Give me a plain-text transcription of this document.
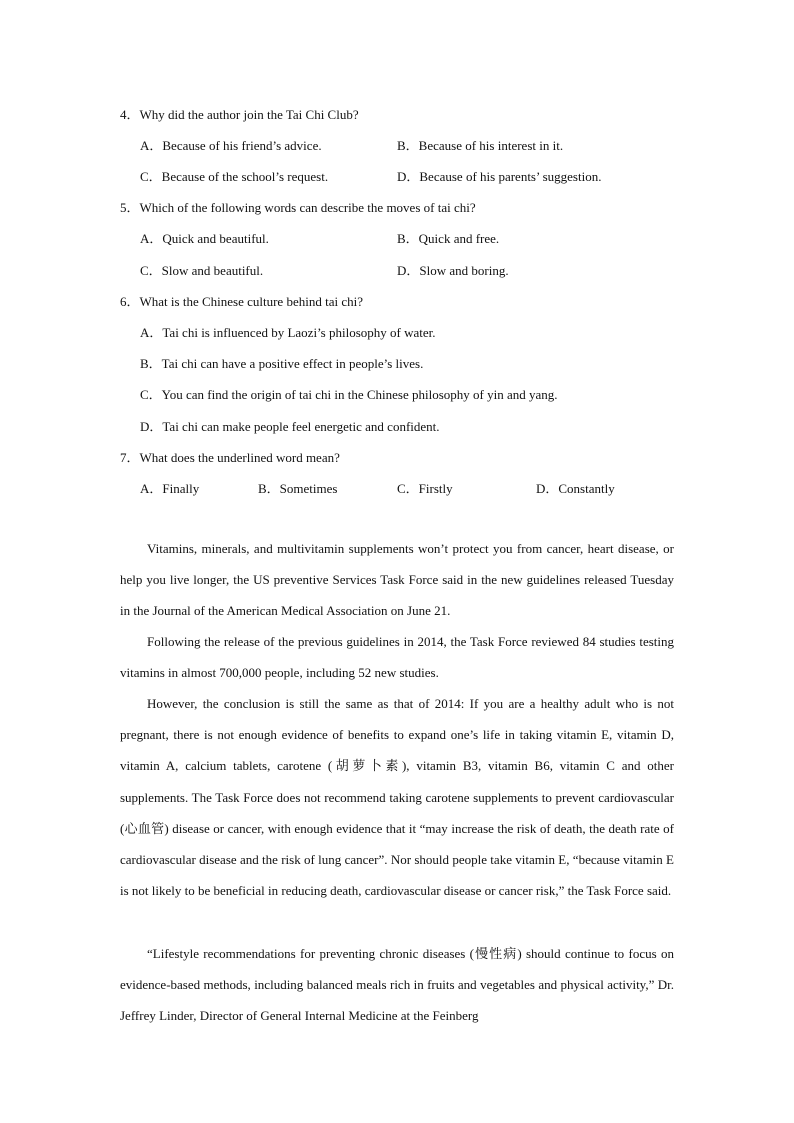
4．Why did the author join the Tai Chi Club?
A．Because of his friend’s advice.	B．Because of his interest in it.
C．Because of the school’s request.	D．Because of his parents’ suggestion.
5．Which of the following words can describe the moves of tai chi?
A．Quick and beautiful.	B．Quick and free.
C．Slow and beautiful.	D．Slow and boring.
6．What is the Chinese culture behind tai chi?
A．Tai chi is influenced by Laozi’s philosophy of water.
B．Tai chi can have a positive effect in people’s lives.
C．You can find the origin of tai chi in the Chinese philosophy of yin and yang.
D．Tai chi can make people feel energetic and confident.
7．What does the underlined word mean?
A．Finally	B．Sometimes	C．Firstly	D．Constantly

Vitamins, minerals, and multivitamin supplements won’t protect you from cancer, heart disease, or help you live longer, the US preventive Services Task Force said in the new guidelines released Tuesday in the Journal of the American Medical Association on June 21.

Following the release of the previous guidelines in 2014, the Task Force reviewed 84 studies testing vitamins in almost 700,000 people, including 52 new studies.

However, the conclusion is still the same as that of 2014: If you are a healthy adult who is not pregnant, there is not enough evidence of benefits to expand one’s life in taking vitamin E, vitamin D, vitamin A, calcium tablets, carotene (胡萝卜素), vitamin B3, vitamin B6, vitamin C and other supplements. The Task Force does not recommend taking carotene supplements to prevent cardiovascular (心血管) disease or cancer, with enough evidence that it “may increase the risk of death, the death rate of cardiovascular disease and the risk of lung cancer”. Nor should people take vitamin E, “because vitamin E is not likely to be beneficial in reducing death, cardiovascular disease or cancer risk,” the Task Force said.

“Lifestyle recommendations for preventing chronic diseases (慢性病) should continue to focus on evidence-based methods, including balanced meals rich in fruits and vegetables and physical activity,” Dr. Jeffrey Linder, Director of General Internal Medicine at the Feinberg
